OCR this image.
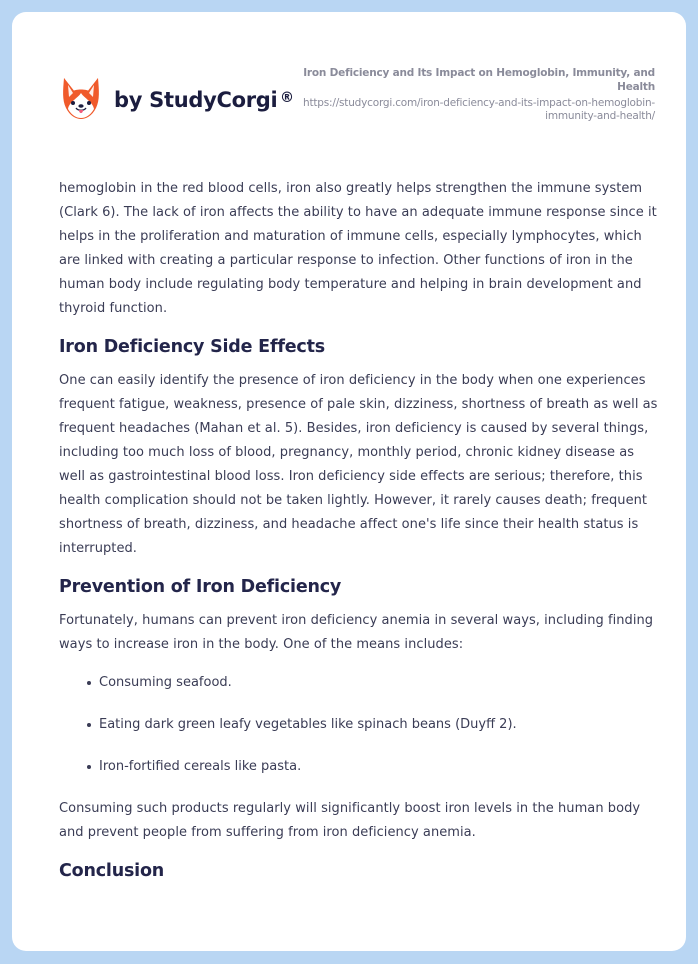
by StudyCorgi ®
Iron Deficiency and Its Impact on Hemoglobin, Immunity, and Health
https://studycorgi.com/iron-deficiency-and-its-impact-on-hemoglobin-immunity-and-health/

hemoglobin in the red blood cells, iron also greatly helps strengthen the immune system (Clark 6). The lack of iron affects the ability to have an adequate immune response since it helps in the proliferation and maturation of immune cells, especially lymphocytes, which are linked with creating a particular response to infection. Other functions of iron in the human body include regulating body temperature and helping in brain development and thyroid function.

Iron Deficiency Side Effects

One can easily identify the presence of iron deficiency in the body when one experiences frequent fatigue, weakness, presence of pale skin, dizziness, shortness of breath as well as frequent headaches (Mahan et al. 5). Besides, iron deficiency is caused by several things, including too much loss of blood, pregnancy, monthly period, chronic kidney disease as well as gastrointestinal blood loss. Iron deficiency side effects are serious; therefore, this health complication should not be taken lightly. However, it rarely causes death; frequent shortness of breath, dizziness, and headache affect one's life since their health status is interrupted.

Prevention of Iron Deficiency

Fortunately, humans can prevent iron deficiency anemia in several ways, including finding ways to increase iron in the body. One of the means includes:

Consuming seafood.
Eating dark green leafy vegetables like spinach beans (Duyff 2).
Iron-fortified cereals like pasta.

Consuming such products regularly will significantly boost iron levels in the human body and prevent people from suffering from iron deficiency anemia.

Conclusion
